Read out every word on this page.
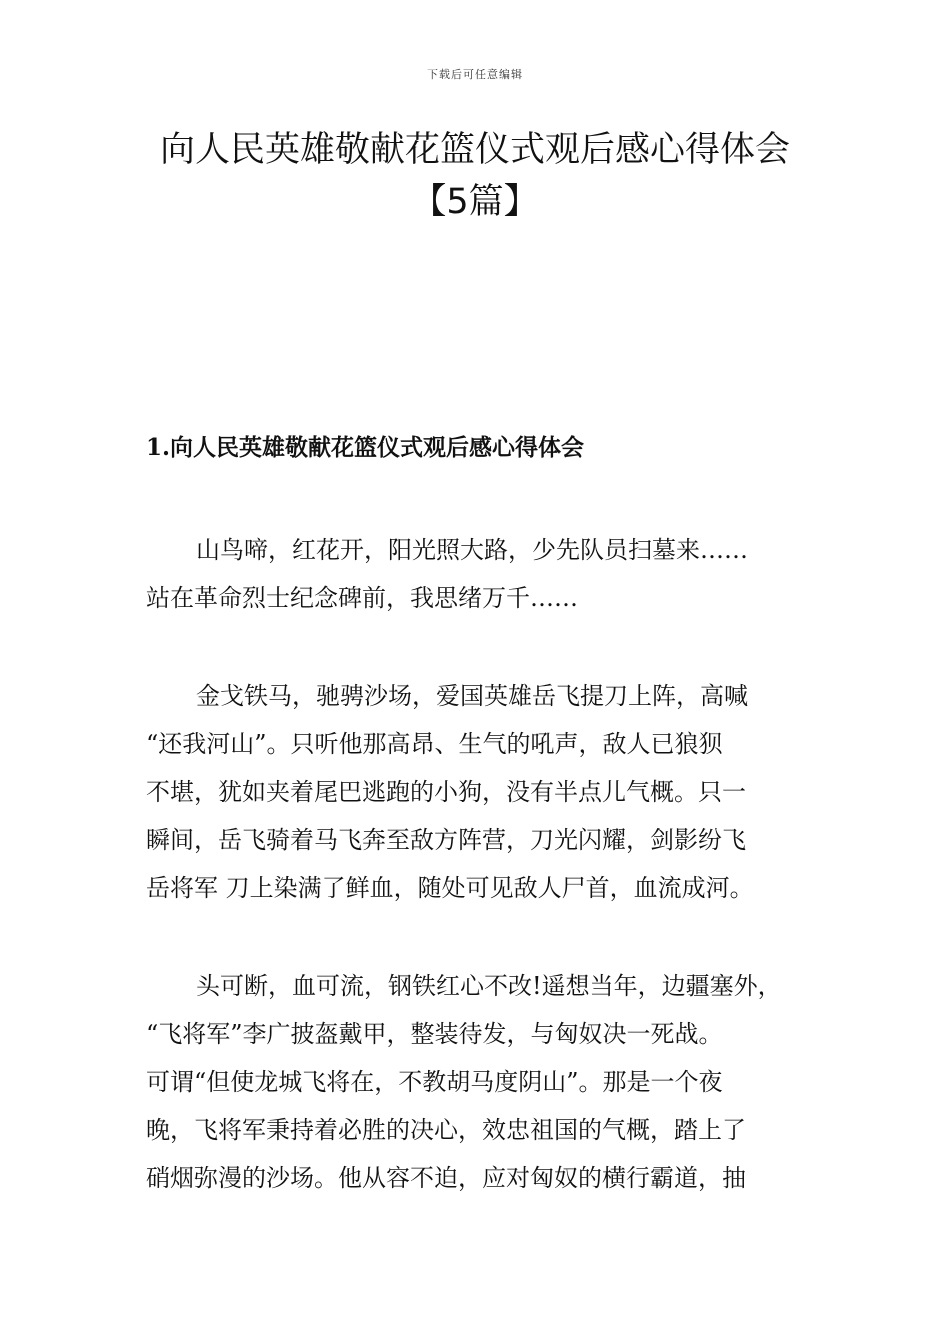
下载后可任意编辑
向人民英雄敬献花篮仪式观后感心得体会
【5篇】
1.向人民英雄敬献花篮仪式观后感心得体会

山鸟啼，红花开，阳光照大路，少先队员扫墓来……
站在革命烈士纪念碑前，我思绪万千……

金戈铁马，驰骋沙场，爱国英雄岳飞提刀上阵，高喊
“还我河山”。只听他那高昂、生气的吼声，敌人已狼狈
不堪，犹如夹着尾巴逃跑的小狗，没有半点儿气概。只一
瞬间，岳飞骑着马飞奔至敌方阵营，刀光闪耀，剑影纷飞
岳将军 刀上染满了鲜血，随处可见敌人尸首，血流成河。

头可断，血可流，钢铁红心不改!遥想当年，边疆塞外，
“飞将军”李广披盔戴甲，整装待发，与匈奴决一死战。
可谓“但使龙城飞将在，不教胡马度阴山”。那是一个夜
晚，飞将军秉持着必胜的决心，效忠祖国的气概，踏上了
硝烟弥漫的沙场。他从容不迫，应对匈奴的横行霸道，抽
